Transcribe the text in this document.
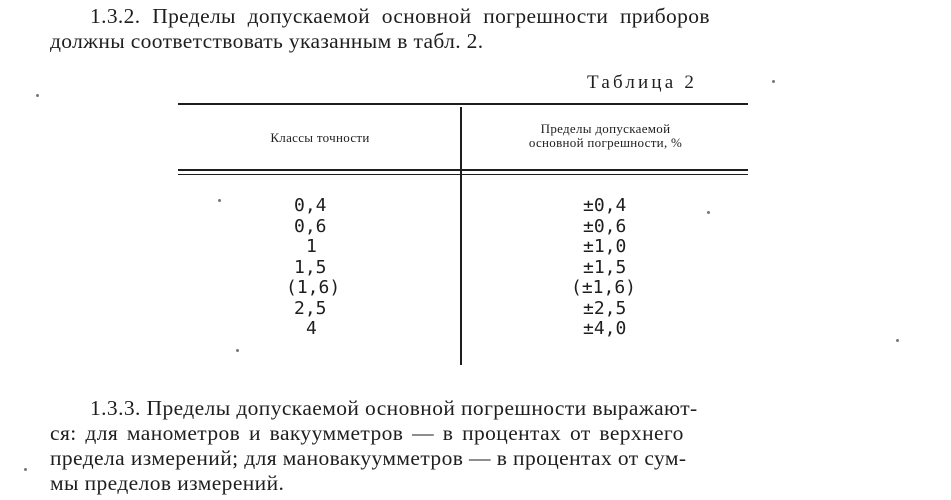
1.3.2. Пределы допускаемой основной погрешности приборов
должны соответствовать указанным в табл. 2.

Таблица 2

Классы точности
Пределы допускаемой
основной погрешности, %
0,4
0,6
1
1,5
(1,6)
2,5
4
±0,4
±0,6
±1,0
±1,5
(±1,6)
±2,5
±4,0
1.3.3. Пределы допускаемой основной погрешности выражают-
ся: для манометров и вакуумметров — в процентах от верхнего
предела измерений; для мановакуумметров — в процентах от сум-
мы пределов измерений.
